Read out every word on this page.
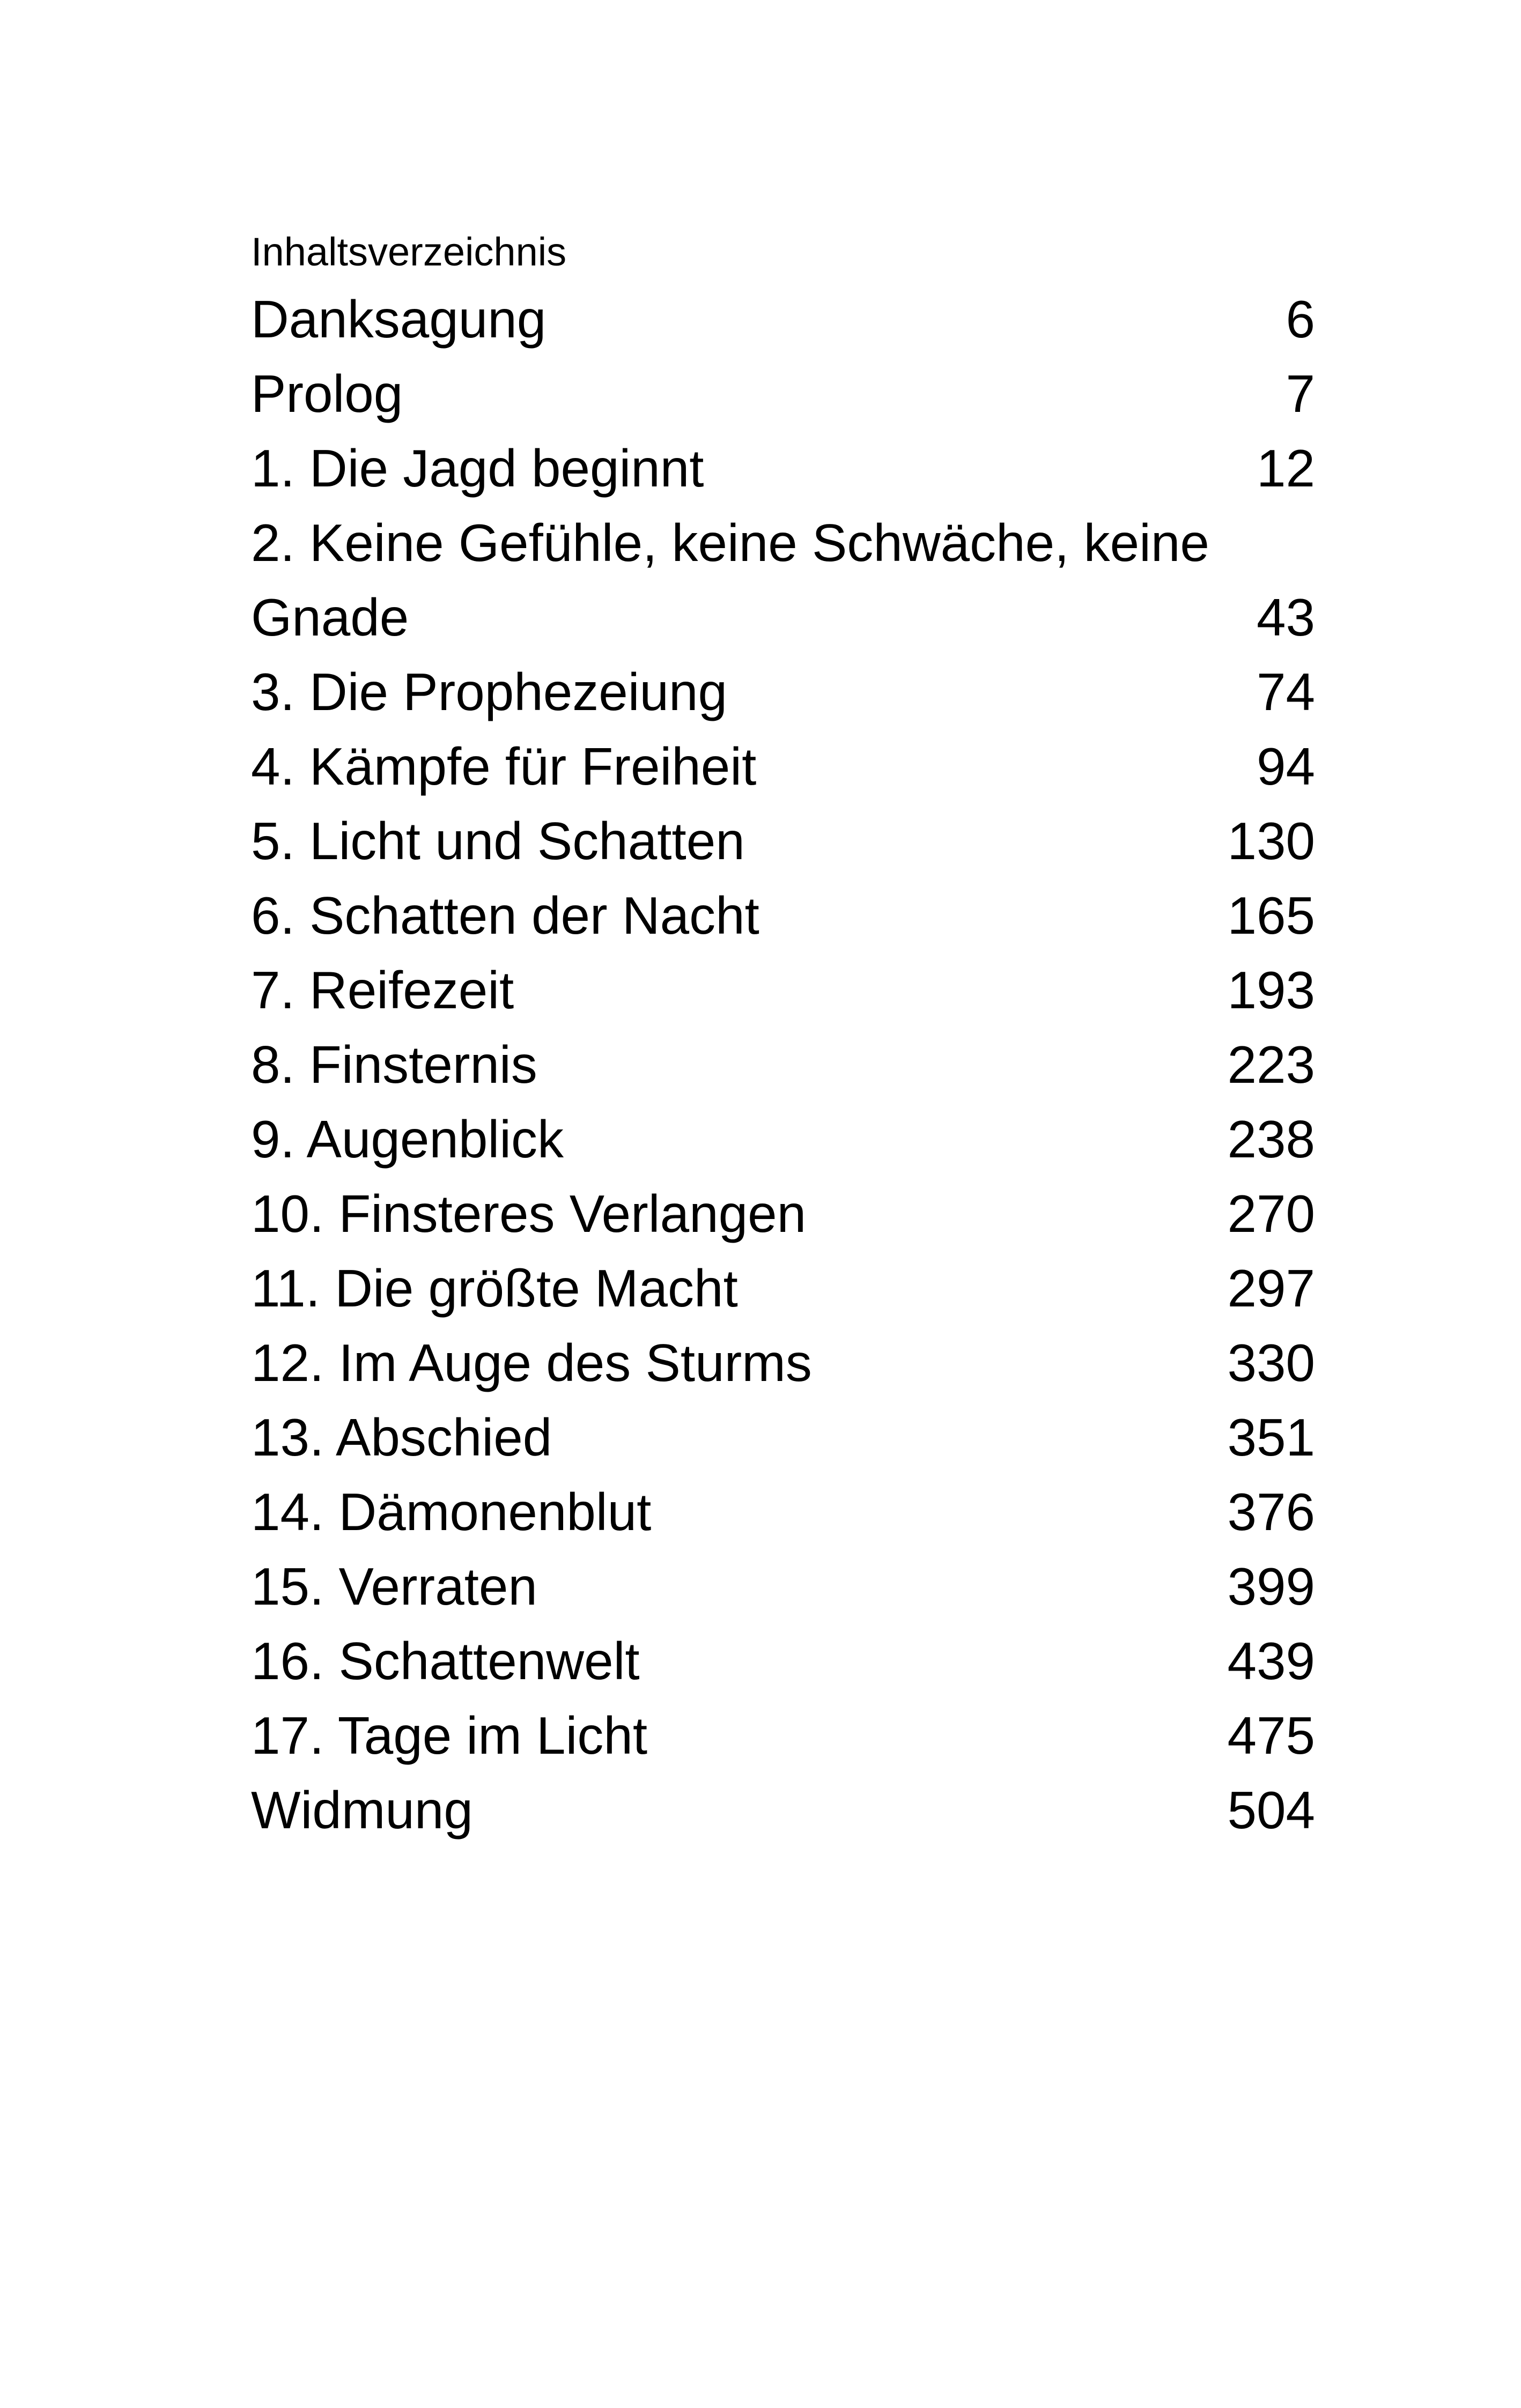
Inhaltsverzeichnis
Danksagung	6
Prolog	7
1. Die Jagd beginnt	12
2. Keine Gefühle, keine Schwäche, keine
Gnade	43
3. Die Prophezeiung	74
4. Kämpfe für Freiheit	94
5. Licht und Schatten	130
6. Schatten der Nacht	165
7. Reifezeit	193
8. Finsternis	223
9. Augenblick	238
10. Finsteres Verlangen	270
11. Die größte Macht	297
12. Im Auge des Sturms	330
13. Abschied	351
14. Dämonenblut	376
15. Verraten	399
16. Schattenwelt	439
17. Tage im Licht	475
Widmung	504
